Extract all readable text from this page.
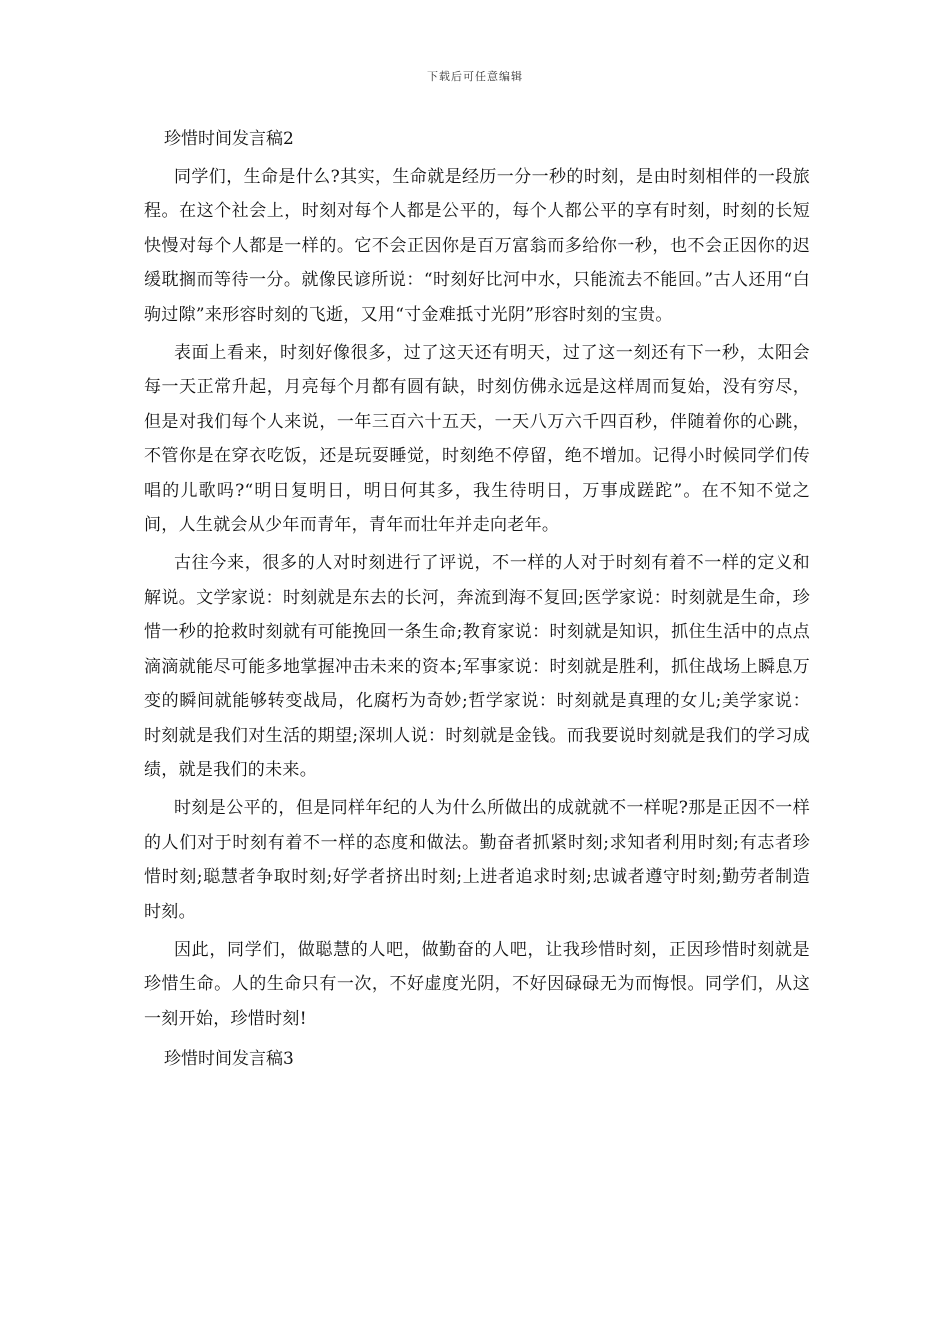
下载后可任意编辑
珍惜时间发言稿2

同学们，生命是什么?其实，生命就是经历一分一秒的时刻，是由时刻相伴的一段旅程。在这个社会上，时刻对每个人都是公平的，每个人都公平的享有时刻，时刻的长短快慢对每个人都是一样的。它不会正因你是百万富翁而多给你一秒，也不会正因你的迟缓耽搁而等待一分。就像民谚所说：“时刻好比河中水，只能流去不能回。”古人还用“白驹过隙”来形容时刻的飞逝，又用“寸金难抵寸光阴”形容时刻的宝贵。

表面上看来，时刻好像很多，过了这天还有明天，过了这一刻还有下一秒，太阳会每一天正常升起，月亮每个月都有圆有缺，时刻仿佛永远是这样周而复始，没有穷尽，但是对我们每个人来说，一年三百六十五天，一天八万六千四百秒，伴随着你的心跳，不管你是在穿衣吃饭，还是玩耍睡觉，时刻绝不停留，绝不增加。记得小时候同学们传唱的儿歌吗?“明日复明日，明日何其多，我生待明日，万事成蹉跎”。在不知不觉之间，人生就会从少年而青年，青年而壮年并走向老年。

古往今来，很多的人对时刻进行了评说，不一样的人对于时刻有着不一样的定义和解说。文学家说：时刻就是东去的长河，奔流到海不复回;医学家说：时刻就是生命，珍惜一秒的抢救时刻就有可能挽回一条生命;教育家说：时刻就是知识，抓住生活中的点点滴滴就能尽可能多地掌握冲击未来的资本;军事家说：时刻就是胜利，抓住战场上瞬息万变的瞬间就能够转变战局，化腐朽为奇妙;哲学家说：时刻就是真理的女儿;美学家说：时刻就是我们对生活的期望;深圳人说：时刻就是金钱。而我要说时刻就是我们的学习成绩，就是我们的未来。

时刻是公平的，但是同样年纪的人为什么所做出的成就就不一样呢?那是正因不一样的人们对于时刻有着不一样的态度和做法。勤奋者抓紧时刻;求知者利用时刻;有志者珍惜时刻;聪慧者争取时刻;好学者挤出时刻;上进者追求时刻;忠诚者遵守时刻;勤劳者制造时刻。

因此，同学们，做聪慧的人吧，做勤奋的人吧，让我珍惜时刻，正因珍惜时刻就是珍惜生命。人的生命只有一次，不好虚度光阴，不好因碌碌无为而悔恨。同学们，从这一刻开始，珍惜时刻!

珍惜时间发言稿3
